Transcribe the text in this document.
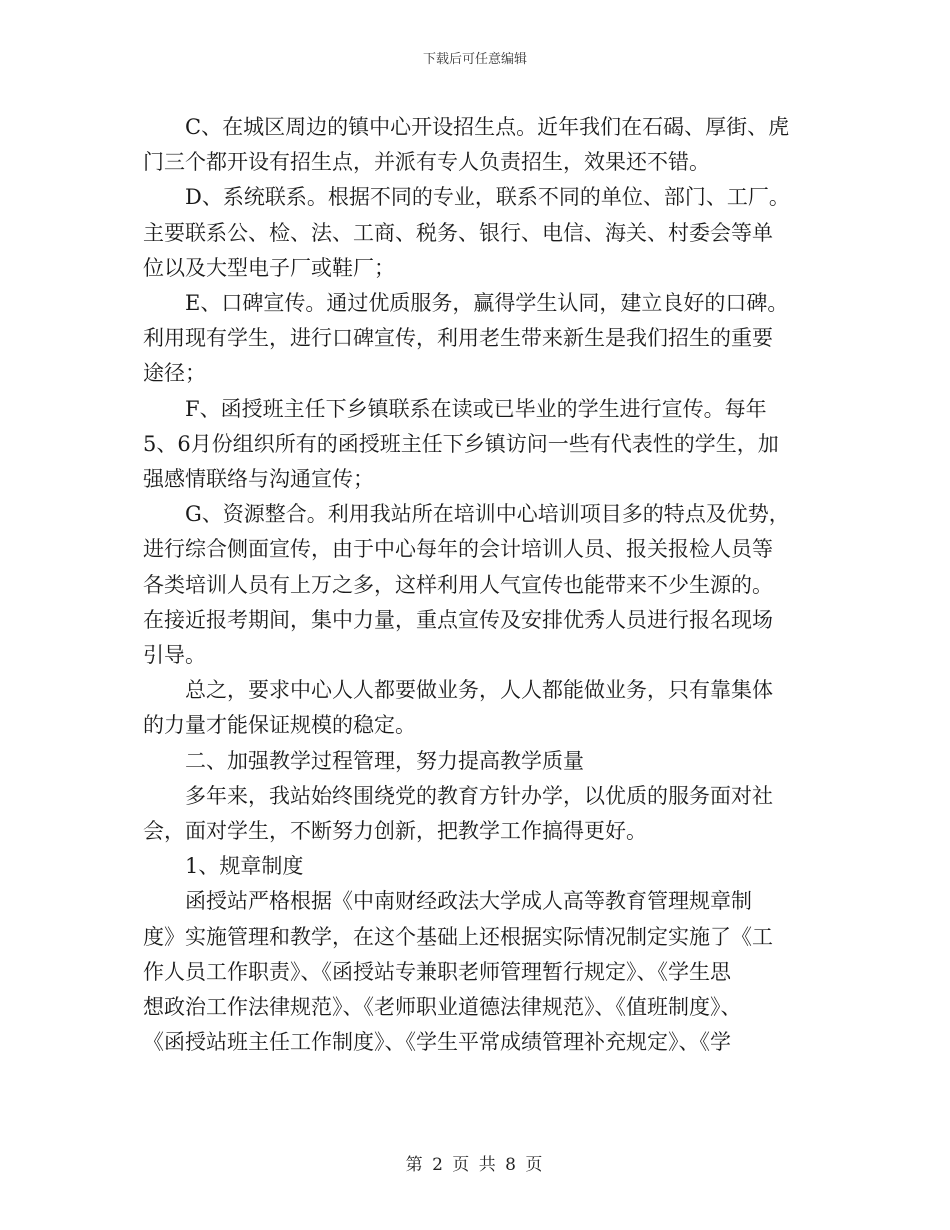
下载后可任意编辑
C、在城区周边的镇中心开设招生点。近年我们在石碣、厚街、虎
门三个都开设有招生点，并派有专人负责招生，效果还不错。
D、系统联系。根据不同的专业，联系不同的单位、部门、工厂。
主要联系公、检、法、工商、税务、银行、电信、海关、村委会等单
位以及大型电子厂或鞋厂；
E、口碑宣传。通过优质服务，赢得学生认同，建立良好的口碑。
利用现有学生，进行口碑宣传，利用老生带来新生是我们招生的重要
途径；
F、函授班主任下乡镇联系在读或已毕业的学生进行宣传。每年
5、6月份组织所有的函授班主任下乡镇访问一些有代表性的学生，加
强感情联络与沟通宣传；
G、资源整合。利用我站所在培训中心培训项目多的特点及优势，
进行综合侧面宣传，由于中心每年的会计培训人员、报关报检人员等
各类培训人员有上万之多，这样利用人气宣传也能带来不少生源的。
在接近报考期间，集中力量，重点宣传及安排优秀人员进行报名现场
引导。
总之，要求中心人人都要做业务，人人都能做业务，只有靠集体
的力量才能保证规模的稳定。
二、加强教学过程管理，努力提高教学质量
多年来，我站始终围绕党的教育方针办学，以优质的服务面对社
会，面对学生，不断努力创新，把教学工作搞得更好。
1、规章制度
函授站严格根据《中南财经政法大学成人高等教育管理规章制
度》实施管理和教学，在这个基础上还根据实际情况制定实施了《工
作人员工作职责》、《函授站专兼职老师管理暂行规定》、《学生思
想政治工作法律规范》、《老师职业道德法律规范》、《值班制度》、
《函授站班主任工作制度》、《学生平常成绩管理补充规定》、《学
第 2 页 共 8 页
